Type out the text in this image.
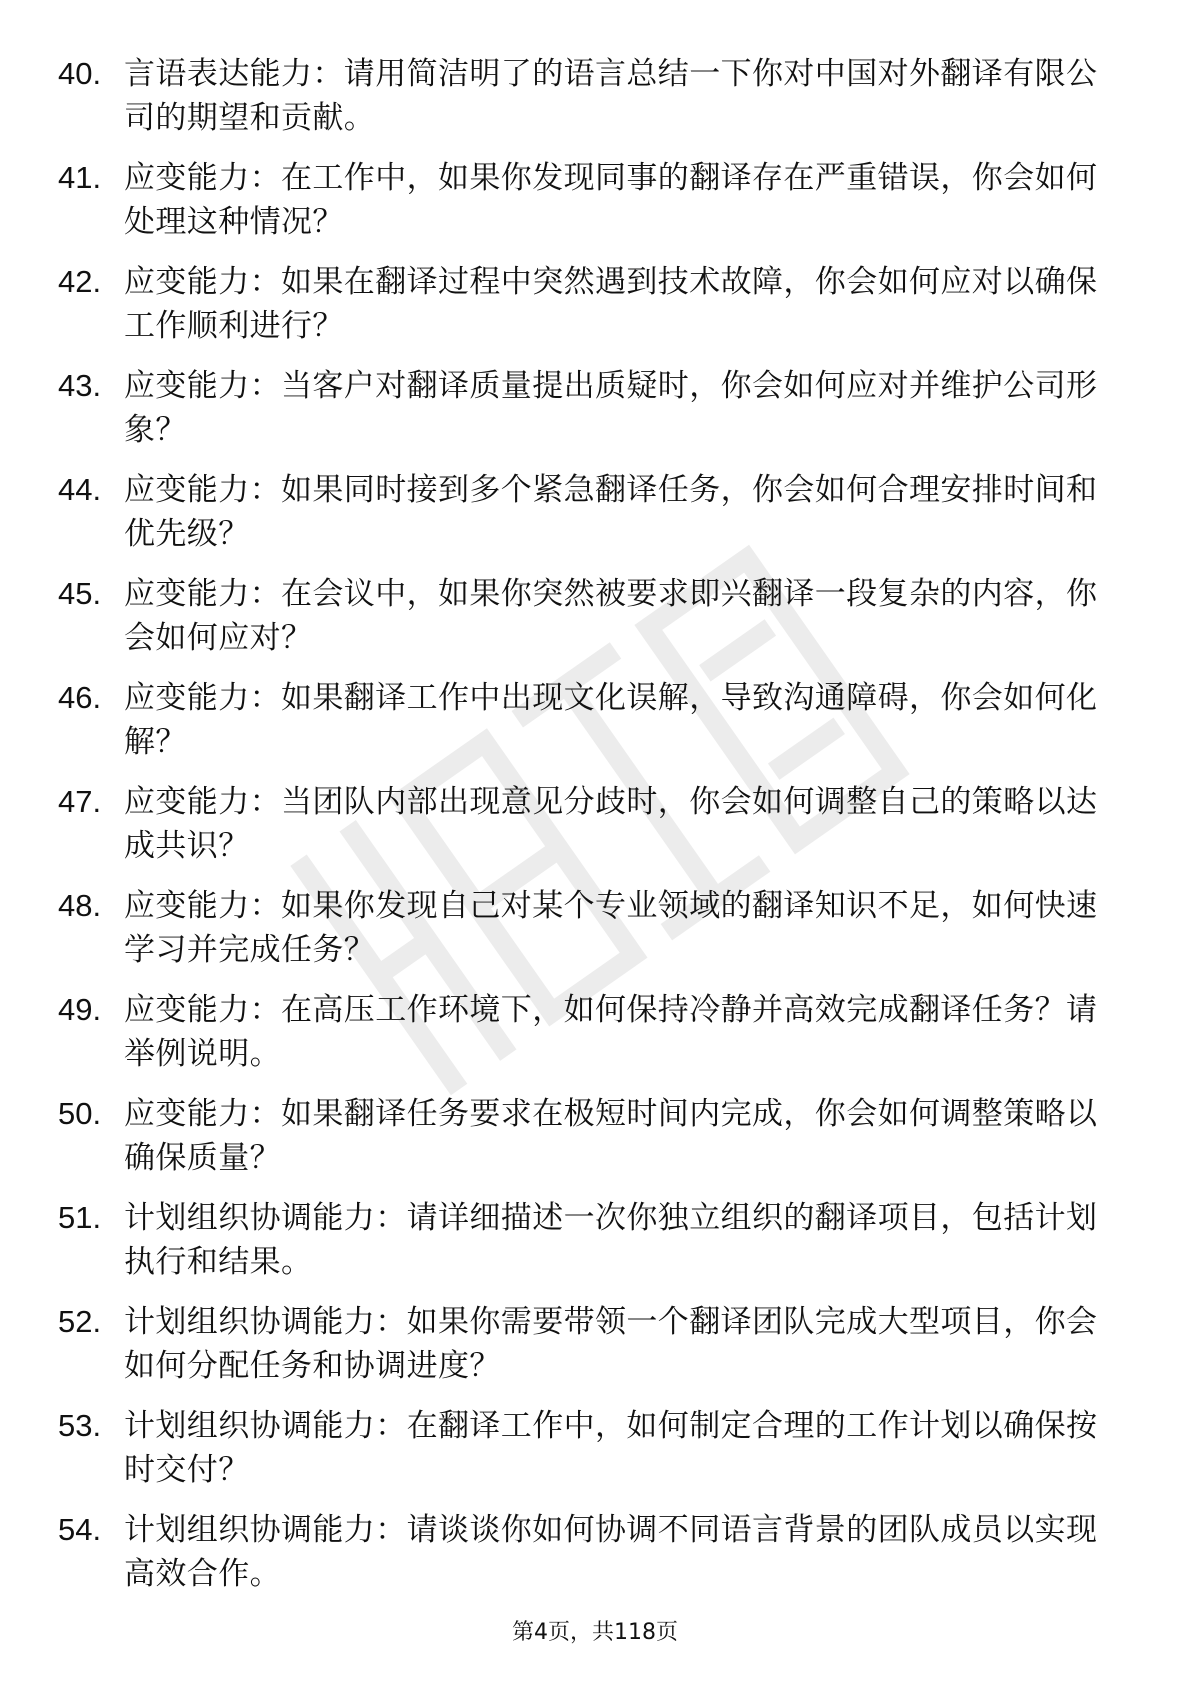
40. 言语表达能力：请用简洁明了的语言总结一下你对中国对外翻译有限公司的期望和贡献。
41. 应变能力：在工作中，如果你发现同事的翻译存在严重错误，你会如何处理这种情况？
42. 应变能力：如果在翻译过程中突然遇到技术故障，你会如何应对以确保工作顺利进行？
43. 应变能力：当客户对翻译质量提出质疑时，你会如何应对并维护公司形象？
44. 应变能力：如果同时接到多个紧急翻译任务，你会如何合理安排时间和优先级？
45. 应变能力：在会议中，如果你突然被要求即兴翻译一段复杂的内容，你会如何应对？
46. 应变能力：如果翻译工作中出现文化误解，导致沟通障碍，你会如何化解？
47. 应变能力：当团队内部出现意见分歧时，你会如何调整自己的策略以达成共识？
48. 应变能力：如果你发现自己对某个专业领域的翻译知识不足，如何快速学习并完成任务？
49. 应变能力：在高压工作环境下，如何保持冷静并高效完成翻译任务？请举例说明。
50. 应变能力：如果翻译任务要求在极短时间内完成，你会如何调整策略以确保质量？
51. 计划组织协调能力：请详细描述一次你独立组织的翻译项目，包括计划执行和结果。
52. 计划组织协调能力：如果你需要带领一个翻译团队完成大型项目，你会如何分配任务和协调进度？
53. 计划组织协调能力：在翻译工作中，如何制定合理的工作计划以确保按时交付？
54. 计划组织协调能力：请谈谈你如何协调不同语言背景的团队成员以实现高效合作。
第4页，共118页
